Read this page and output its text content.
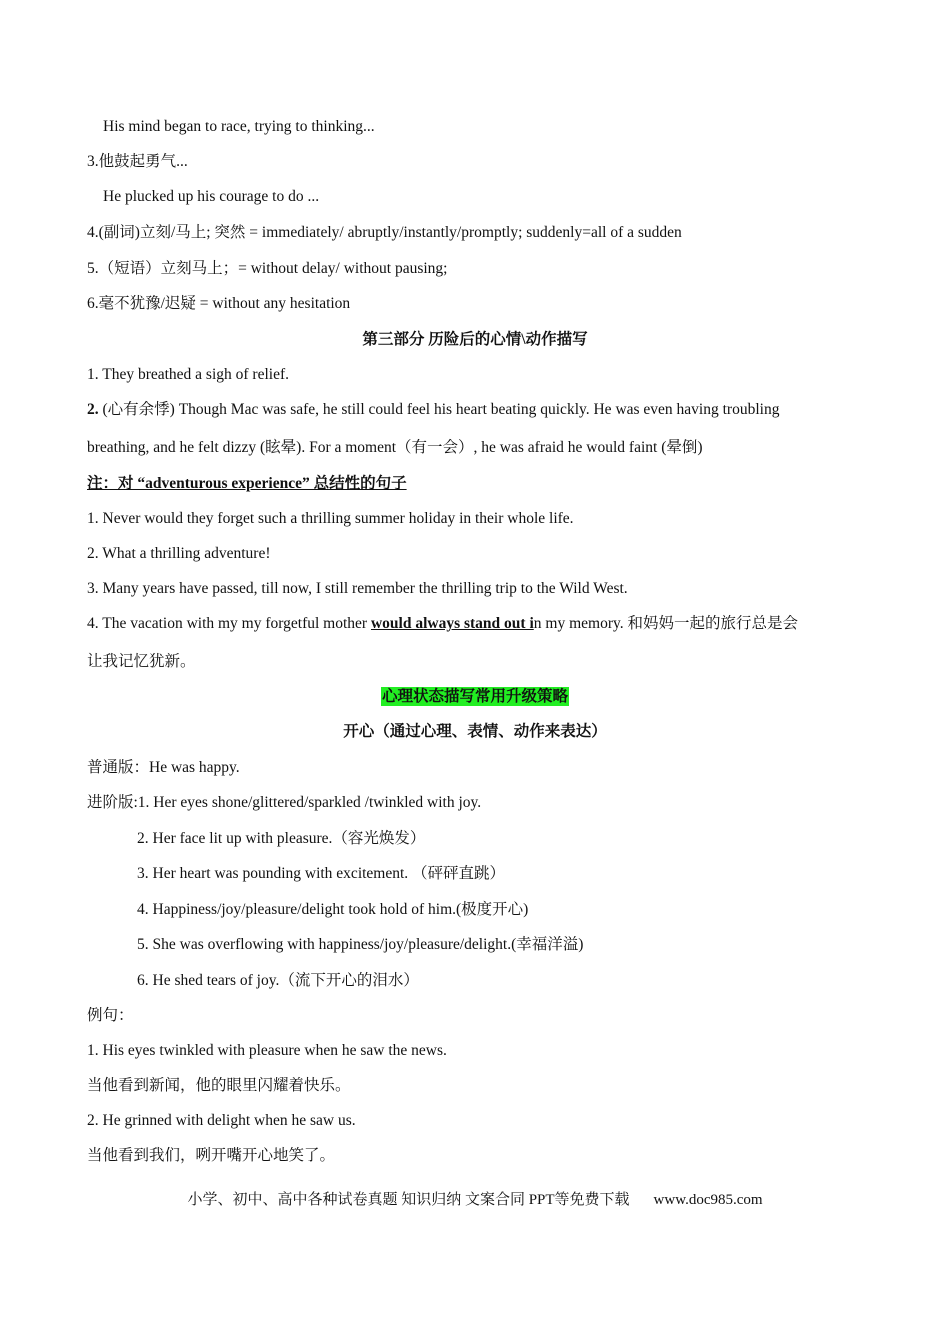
His mind began to race, trying to thinking...
3.他鼓起勇气...
He plucked up his courage to do ...
4.(副词)立刻/马上; 突然 = immediately/ abruptly/instantly/promptly; suddenly=all of a sudden
5.（短语）立刻马上；= without delay/ without pausing;
6.毫不犹豫/迟疑 = without any hesitation
第三部分 历险后的心情\动作描写
1. They breathed a sigh of relief.
2. (心有余悸) Though Mac was safe, he still could feel his heart beating quickly. He was even having troubling
breathing, and he felt dizzy (眩晕). For a moment（有一会）, he was afraid he would faint (晕倒)
注：对 “adventurous experience” 总结性的句子
1. Never would they forget such a thrilling summer holiday in their whole life.
2. What a thrilling adventure!
3. Many years have passed, till now, I still remember the thrilling trip to the Wild West.
4. The vacation with my my forgetful mother would always stand out in my memory. 和妈妈一起的旅行总是会
让我记忆犹新。
心理状态描写常用升级策略
开心（通过心理、表情、动作来表达）
普通版：He was happy.
进阶版:1. Her eyes shone/glittered/sparkled /twinkled with joy.
2. Her face lit up with pleasure.（容光焕发）
3. Her heart was pounding with excitement. （砰砰直跳）
4. Happiness/joy/pleasure/delight took hold of him.(极度开心)
5. She was overflowing with happiness/joy/pleasure/delight.(幸福洋溢)
6. He shed tears of joy.（流下开心的泪水）
例句：
1. His eyes twinkled with pleasure when he saw the news.
当他看到新闻，他的眼里闪耀着快乐。
2. He grinned with delight when he saw us.
当他看到我们，咧开嘴开心地笑了。
小学、初中、高中各种试卷真题 知识归纳 文案合同 PPT等免费下载 www.doc985.com
